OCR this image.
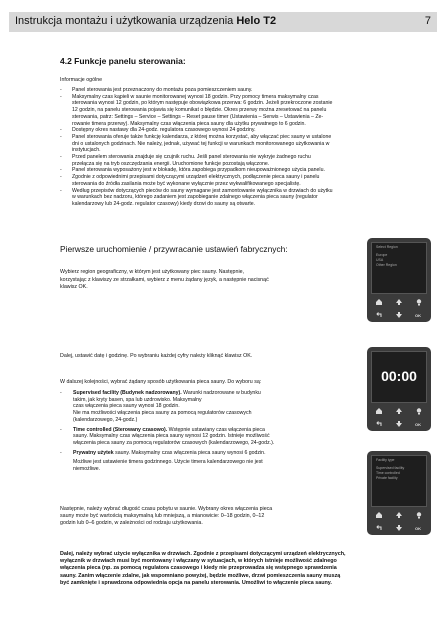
Instrukcja montażu i użytkowania urządzenia Helo T2	7
4.2 Funkcje panelu sterowania:
Informacje ogólne
-	Panel sterowania jest przeznaczony do montażu poza pomieszczeniem sauny.
-	Maksymalny czas kąpieli w saunie monitorowanej wynosi 18 godzin. Przy pomocy timera maksymalny czas
sterowania wynosi 12 godzin, po którym następuje obowiązkowa przerwa: 6 godzin. Jeżeli przekroczone zostanie
12 godzin, na panelu sterowania pojawia się komunikat o błędzie. Okres przerwy można zresetować na panelu
sterowania, patrz: Settings – Service – Settings – Reset pause timer (Ustawienia – Serwis – Ustawienia – Ze-
rowanie timera przerwy). Maksymalny czas włączenia pieca sauny dla użytku prywatnego to 6 godzin.
-	Dostępny okres nastawy dla 24-godz. regulatora czasowego wynosi 24 godziny.
-	Panel sterowania oferuje także funkcję kalendarza, z której można korzystać, aby włączać piec sauny w ustalone
dni o ustalonych godzinach. Nie należy, jednak, używać tej funkcji w warunkach monitorowanego użytkowania w
instytucjach.
-	Przed panelem sterowania znajduje się czujnik ruchu. Jeśli panel sterowania nie wykryje żadnego ruchu
przełącza się na tryb oszczędzania energii. Uruchomione funkcje pozostają włączone.
-	Panel sterowania wyposażony jest w blokadę, która zapobiega przypadkom nieupoważnionego użycia panelu.
-	Zgodnie z odpowiednimi przepisami dotyczącymi urządzeń elektrycznych, podłączenie pieca sauny i panelu
sterowania do źródła zasilania może być wykonane wyłącznie przez wykwalifikowanego specjalistę.
-	Według przepisów dotyczących pieców do sauny wymagane jest zamontowanie wyłącznika w drzwiach do użytku
w warunkach bez nadzoru, którego zadaniem jest zapobieganie zdalnego włączenia pieca sauny (regulator
kalendarzowy lub 24-godz. regulator czasowy) kiedy drzwi do sauny są otwarte.
Pierwsze uruchomienie / przywracanie ustawień fabrycznych:
Wybierz region geograficzny, w którym jest użytkowany piec sauny. Następnie,
korzystając z klawiszy ze strzałkami, wybierz z menu żądany język, a następnie nacisnąć
klawisz OK.
Dalej, ustawić datę i godzinę. Po wybraniu każdej cyfry należy kliknąć klawisz OK.
W dalszej kolejności, wybrać żądany sposób użytkowania pieca sauny. Do wyboru są:
-	Supervised facility (Budynek nadzorowany). Warunki nadzorowane w budynku
takim, jak kryty basen, spa lub uzdrowisko. Maksymalny
czas włączenia pieca sauny wynosi 18 godzin.
Nie ma możliwości włączenia pieca sauny za pomocą regulatorów czasowych
(kalendarzowego, 24-godz.)
-	Time controlled (Sterowany czasowo). Wstępnie ustawiany czas włączenia pieca
sauny. Maksymalny czas włączenia pieca sauny wynosi 12 godzin. Istnieje możliwość
włączenia pieca sauny za pomocą regulatorów czasowych (kalendarzowego, 24-godz.).
-	Prywatny użytek sauny. Maksymalny czas włączenia pieca sauny wynosi 6 godzin.
Możliwe jest ustawienie timera godzinnego. Użycie timera kalendarzowego nie jest
niemożliwe.
Następnie, należy wybrać długość czasu pobytu w saunie. Wybrany okres włączenia pieca
sauny może być wartością maksymalną lub mniejszą, a mianowicie: 0–18 godzin, 0–12
godzin lub 0–6 godzin, w zależności od rodzaju użytkowania.
Dalej, należy wybrać użycie wyłącznika w drzwiach. Zgodnie z przepisami dotyczącymi urządzeń elektrycznych,
wyłącznik w drzwiach musi być montowany i włączany w sytuacjach, w których istnieje możliwość zdalnego
włączenia pieca (np. za pomocą regulatora czasowego i kiedy nie przeprowadza się wstępnego sprawdzenia
sauny. Zanim włączenie zdalne, jak wspomniano powyżej, będzie możliwe, drzwi pomieszczenia sauny muszą
być zamknięte i sprawdzona odpowiednia opcja na panelu sterowania. Umożliwi to włączenie pieca sauny.
Select Region
Europe
USA
Other Region
OK
00:00
OK
Facility type
Supervised facility
Time controlled
Private facility
OK
